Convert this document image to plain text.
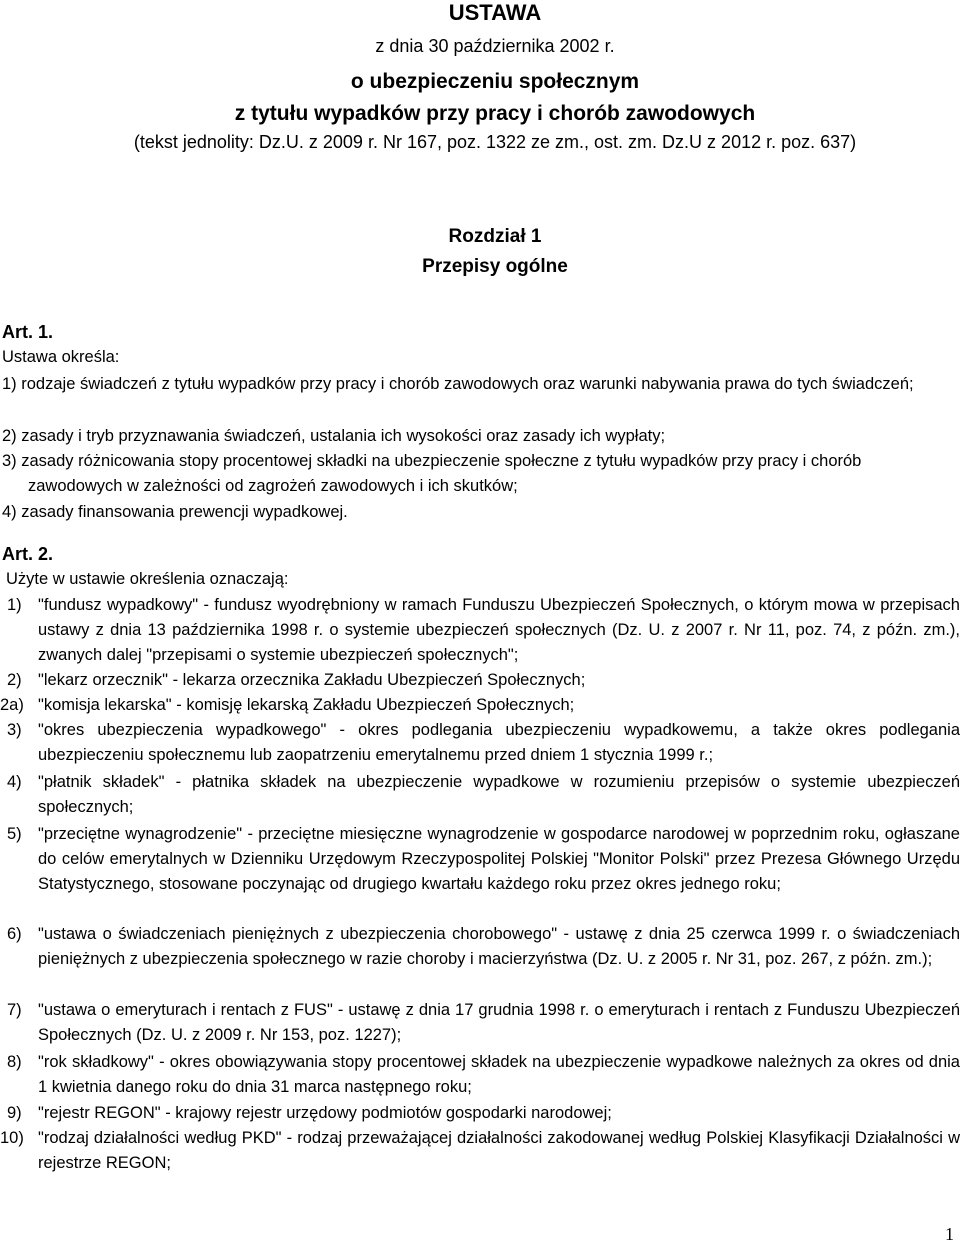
USTAWA
z dnia 30 października 2002 r.
o ubezpieczeniu społecznym
z tytułu wypadków przy pracy i chorób zawodowych
(tekst jednolity: Dz.U. z 2009 r. Nr 167, poz. 1322 ze zm., ost. zm. Dz.U z 2012 r. poz. 637)
Rozdział 1
Przepisy ogólne
Art. 1.
Ustawa określa:
1) rodzaje świadczeń z tytułu wypadków przy pracy i chorób zawodowych oraz warunki nabywania prawa do tych świadczeń;
2) zasady i tryb przyznawania świadczeń, ustalania ich wysokości oraz zasady ich wypłaty;
3) zasady różnicowania stopy procentowej składki na ubezpieczenie społeczne z tytułu wypadków przy pracy i chorób zawodowych w zależności od zagrożeń zawodowych i ich skutków;
4) zasady finansowania prewencji wypadkowej.
Art. 2.
Użyte w ustawie określenia oznaczają:
1) "fundusz wypadkowy" - fundusz wyodrębniony w ramach Funduszu Ubezpieczeń Społecznych, o którym mowa w przepisach ustawy z dnia 13 października 1998 r. o systemie ubezpieczeń społecznych (Dz. U. z 2007 r. Nr 11, poz. 74, z późn. zm.), zwanych dalej "przepisami o systemie ubezpieczeń społecznych";
2) "lekarz orzecznik" - lekarza orzecznika Zakładu Ubezpieczeń Społecznych;
2a) "komisja lekarska" - komisję lekarską Zakładu Ubezpieczeń Społecznych;
3) "okres ubezpieczenia wypadkowego" - okres podlegania ubezpieczeniu wypadkowemu, a także okres podlegania ubezpieczeniu społecznemu lub zaopatrzeniu emerytalnemu przed dniem 1 stycznia 1999 r.;
4) "płatnik składek" - płatnika składek na ubezpieczenie wypadkowe w rozumieniu przepisów o systemie ubezpieczeń społecznych;
5) "przeciętne wynagrodzenie" - przeciętne miesięczne wynagrodzenie w gospodarce narodowej w poprzednim roku, ogłaszane do celów emerytalnych w Dzienniku Urzędowym Rzeczypospolitej Polskiej "Monitor Polski" przez Prezesa Głównego Urzędu Statystycznego, stosowane poczynając od drugiego kwartału każdego roku przez okres jednego roku;
6) "ustawa o świadczeniach pieniężnych z ubezpieczenia chorobowego" - ustawę z dnia 25 czerwca 1999 r. o świadczeniach pieniężnych z ubezpieczenia społecznego w razie choroby i macierzyństwa (Dz. U. z 2005 r. Nr 31, poz. 267, z późn. zm.);
7) "ustawa o emeryturach i rentach z FUS" - ustawę z dnia 17 grudnia 1998 r. o emeryturach i rentach z Funduszu Ubezpieczeń Społecznych (Dz. U. z 2009 r. Nr 153, poz. 1227);
8) "rok składkowy" - okres obowiązywania stopy procentowej składek na ubezpieczenie wypadkowe należnych za okres od dnia 1 kwietnia danego roku do dnia 31 marca następnego roku;
9) "rejestr REGON" - krajowy rejestr urzędowy podmiotów gospodarki narodowej;
10) "rodzaj działalności według PKD" - rodzaj przeważającej działalności zakodowanej według Polskiej Klasyfikacji Działalności w rejestrze REGON;
1
